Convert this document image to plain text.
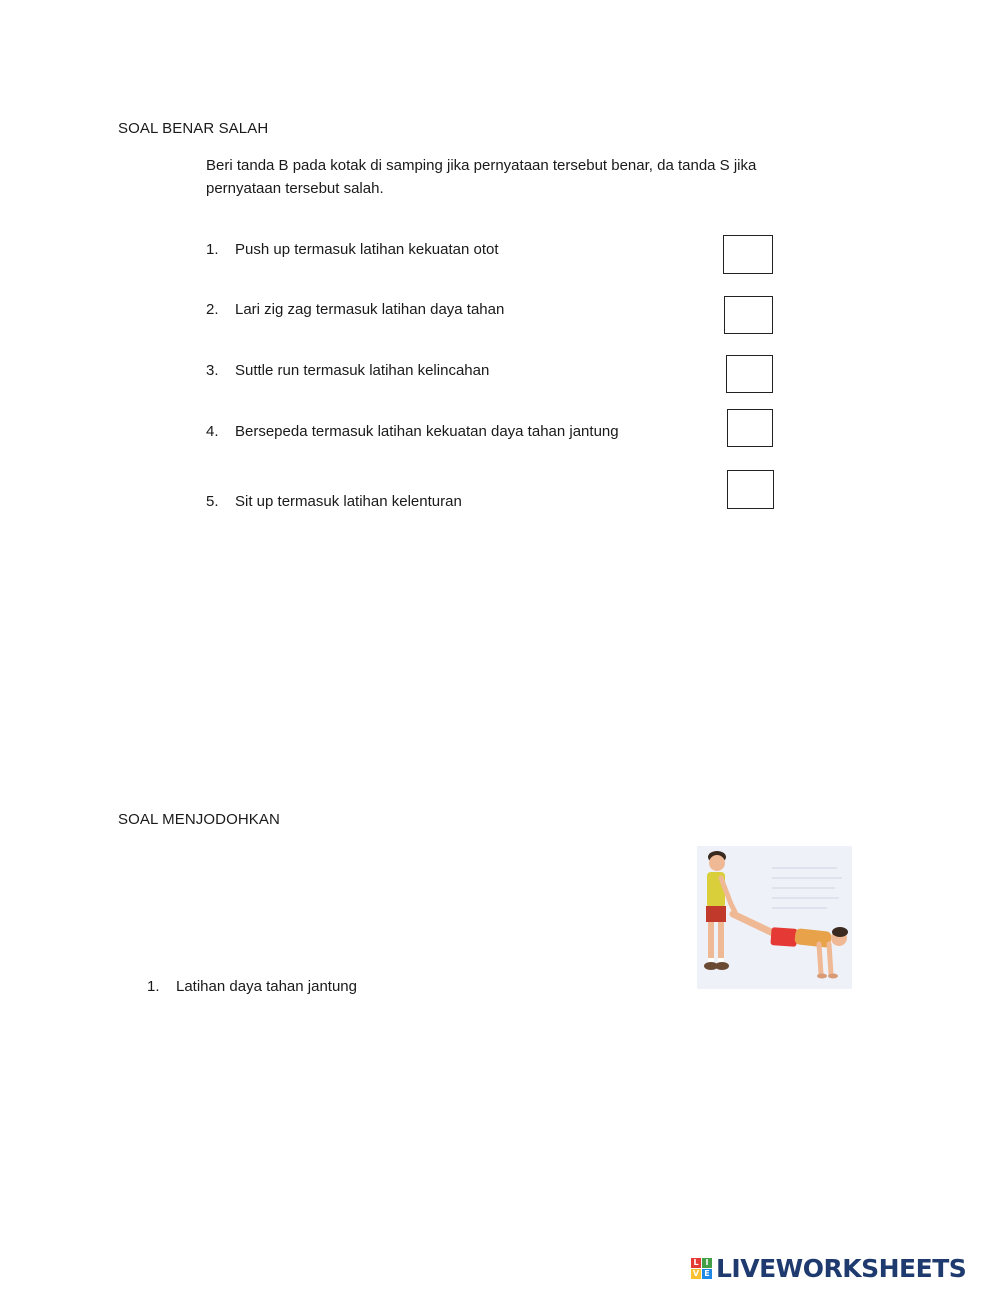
SOAL BENAR SALAH
Beri tanda B pada kotak di samping jika pernyataan tersebut benar, da tanda S jika pernyataan tersebut salah.
1.	Push up termasuk latihan kekuatan otot
2.	Lari zig zag termasuk latihan daya tahan
3.	Suttle run termasuk latihan kelincahan
4.	Bersepeda termasuk latihan kekuatan daya tahan jantung
5.	Sit up termasuk latihan kelenturan
SOAL MENJODOHKAN
1.	Latihan daya tahan jantung
L I
V E LIVEWORKSHEETS
